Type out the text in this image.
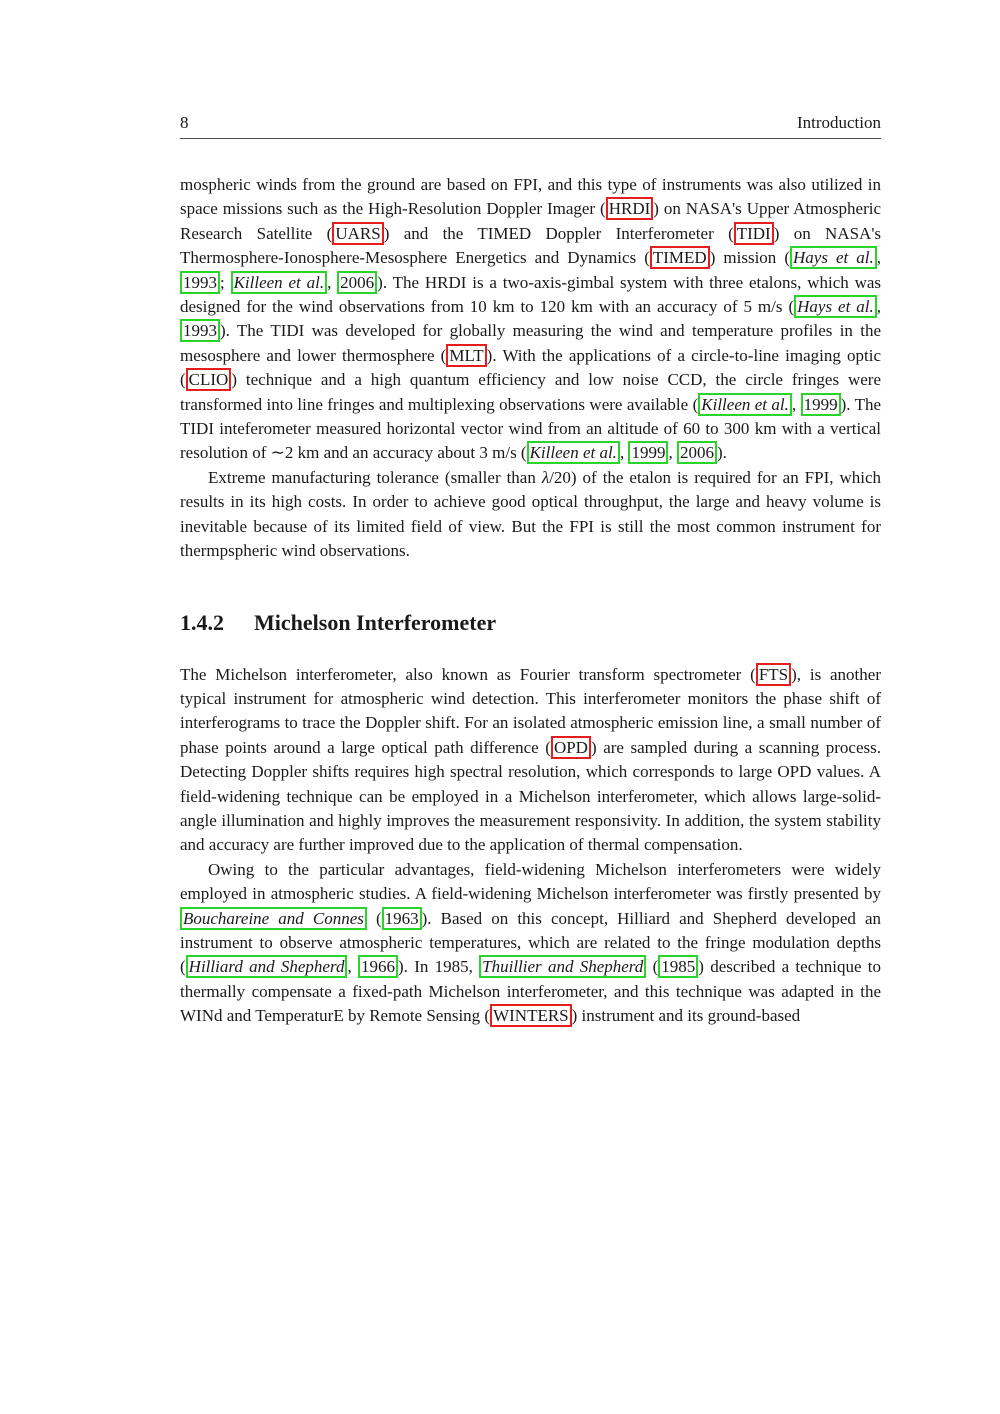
8	Introduction

mospheric winds from the ground are based on FPI, and this type of instruments was also utilized in space missions such as the High-Resolution Doppler Imager ( HRDI ) on NASA's Upper Atmospheric Research Satellite ( UARS ) and the TIMED Doppler Interferometer ( TIDI ) on NASA's Thermosphere-Ionosphere-Mesosphere Energetics and Dynamics ( TIMED ) mission ( Hays et al. , 1993 ; Killeen et al. , 2006 ). The HRDI is a two-axis-gimbal system with three etalons, which was designed for the wind observations from 10 km to 120 km with an accuracy of 5 m/s ( Hays et al. , 1993 ). The TIDI was developed for globally measuring the wind and temperature profiles in the mesosphere and lower thermosphere ( MLT ). With the applications of a circle-to-line imaging optic ( CLIO ) technique and a high quantum efficiency and low noise CCD, the circle fringes were transformed into line fringes and multiplexing observations were available ( Killeen et al. , 1999 ). The TIDI inteferometer measured horizontal vector wind from an altitude of 60 to 300 km with a vertical resolution of ∼2 km and an accuracy about 3 m/s ( Killeen et al. , 1999 , 2006 ).

Extreme manufacturing tolerance (smaller than λ/20) of the etalon is required for an FPI, which results in its high costs. In order to achieve good optical throughput, the large and heavy volume is inevitable because of its limited field of view. But the FPI is still the most common instrument for thermpspheric wind observations.

1.4.2 Michelson Interferometer

The Michelson interferometer, also known as Fourier transform spectrometer ( FTS ), is another typical instrument for atmospheric wind detection. This interferometer monitors the phase shift of interferograms to trace the Doppler shift. For an isolated atmospheric emission line, a small number of phase points around a large optical path difference ( OPD ) are sampled during a scanning process. Detecting Doppler shifts requires high spectral resolution, which corresponds to large OPD values. A field-widening technique can be employed in a Michelson interferometer, which allows large-solid-angle illumination and highly improves the measurement responsivity. In addition, the system stability and accuracy are further improved due to the application of thermal compensation.

Owing to the particular advantages, field-widening Michelson interferometers were widely employed in atmospheric studies. A field-widening Michelson interferometer was firstly presented by Bouchareine and Connes ( 1963 ). Based on this concept, Hilliard and Shepherd developed an instrument to observe atmospheric temperatures, which are related to the fringe modulation depths ( Hilliard and Shepherd , 1966 ). In 1985, Thuillier and Shepherd ( 1985 ) described a technique to thermally compensate a fixed-path Michelson interferometer, and this technique was adapted in the WINd and TemperaturE by Remote Sensing ( WINTERS ) instrument and its ground-based
